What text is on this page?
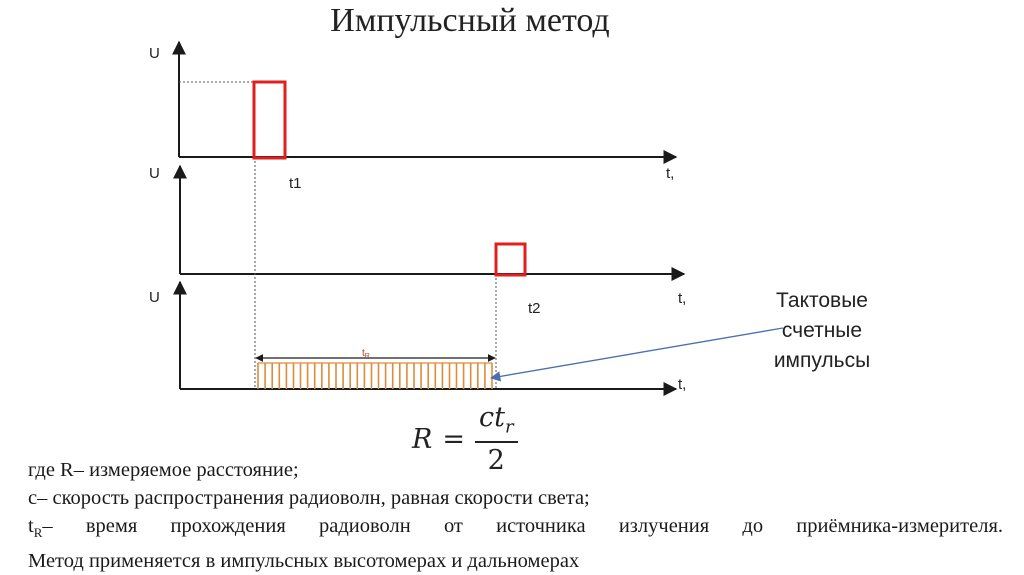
Импульсный метод
U
U	t,
U	t,
t,
t1
t2
$t_R$
Тактовые
счетные
импульсы
$R = \frac{ct_r}{2}$

где R– измеряемое расстояние;

с– скорость распространения радиоволн, равная скорости света;

$t_R-$ время прохождения радиоволн от источника излучения до приёмника-измерителя.

Метод применяется в импульсных высотомерах и дальномерах
